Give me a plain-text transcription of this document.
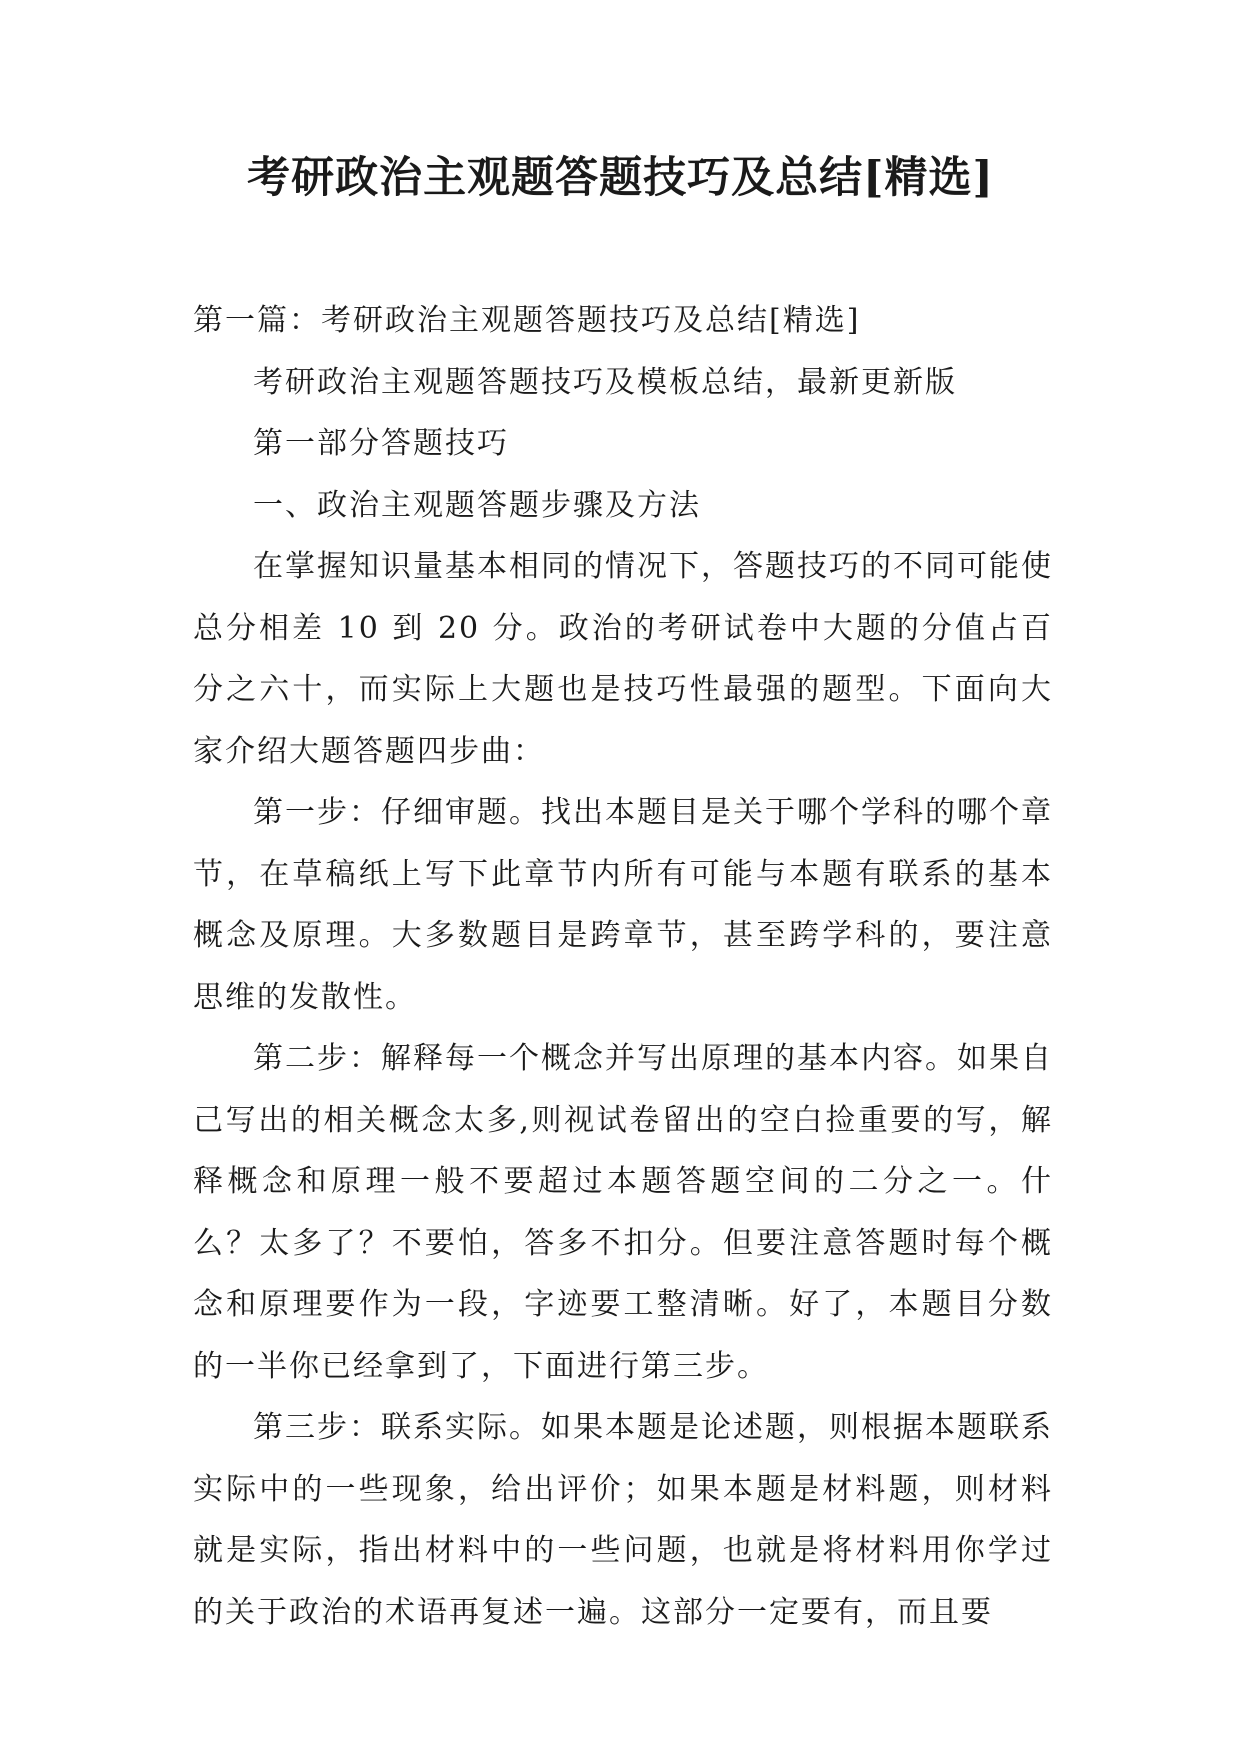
考研政治主观题答题技巧及总结[精选]

第一篇：考研政治主观题答题技巧及总结[精选]

考研政治主观题答题技巧及模板总结，最新更新版

第一部分答题技巧

一、政治主观题答题步骤及方法

在掌握知识量基本相同的情况下，答题技巧的不同可能使总分相差 10 到 20 分。政治的考研试卷中大题的分值占百分之六十，而实际上大题也是技巧性最强的题型。下面向大家介绍大题答题四步曲：

第一步：仔细审题。找出本题目是关于哪个学科的哪个章节，在草稿纸上写下此章节内所有可能与本题有联系的基本概念及原理。大多数题目是跨章节，甚至跨学科的，要注意思维的发散性。

第二步：解释每一个概念并写出原理的基本内容。如果自己写出的相关概念太多,则视试卷留出的空白捡重要的写，解释概念和原理一般不要超过本题答题空间的二分之一。什么？太多了？不要怕，答多不扣分。但要注意答题时每个概念和原理要作为一段，字迹要工整清晰。好了，本题目分数的一半你已经拿到了，下面进行第三步。

第三步：联系实际。如果本题是论述题，则根据本题联系实际中的一些现象，给出评价；如果本题是材料题，则材料就是实际，指出材料中的一些问题，也就是将材料用你学过的关于政治的术语再复述一遍。这部分一定要有，而且要
